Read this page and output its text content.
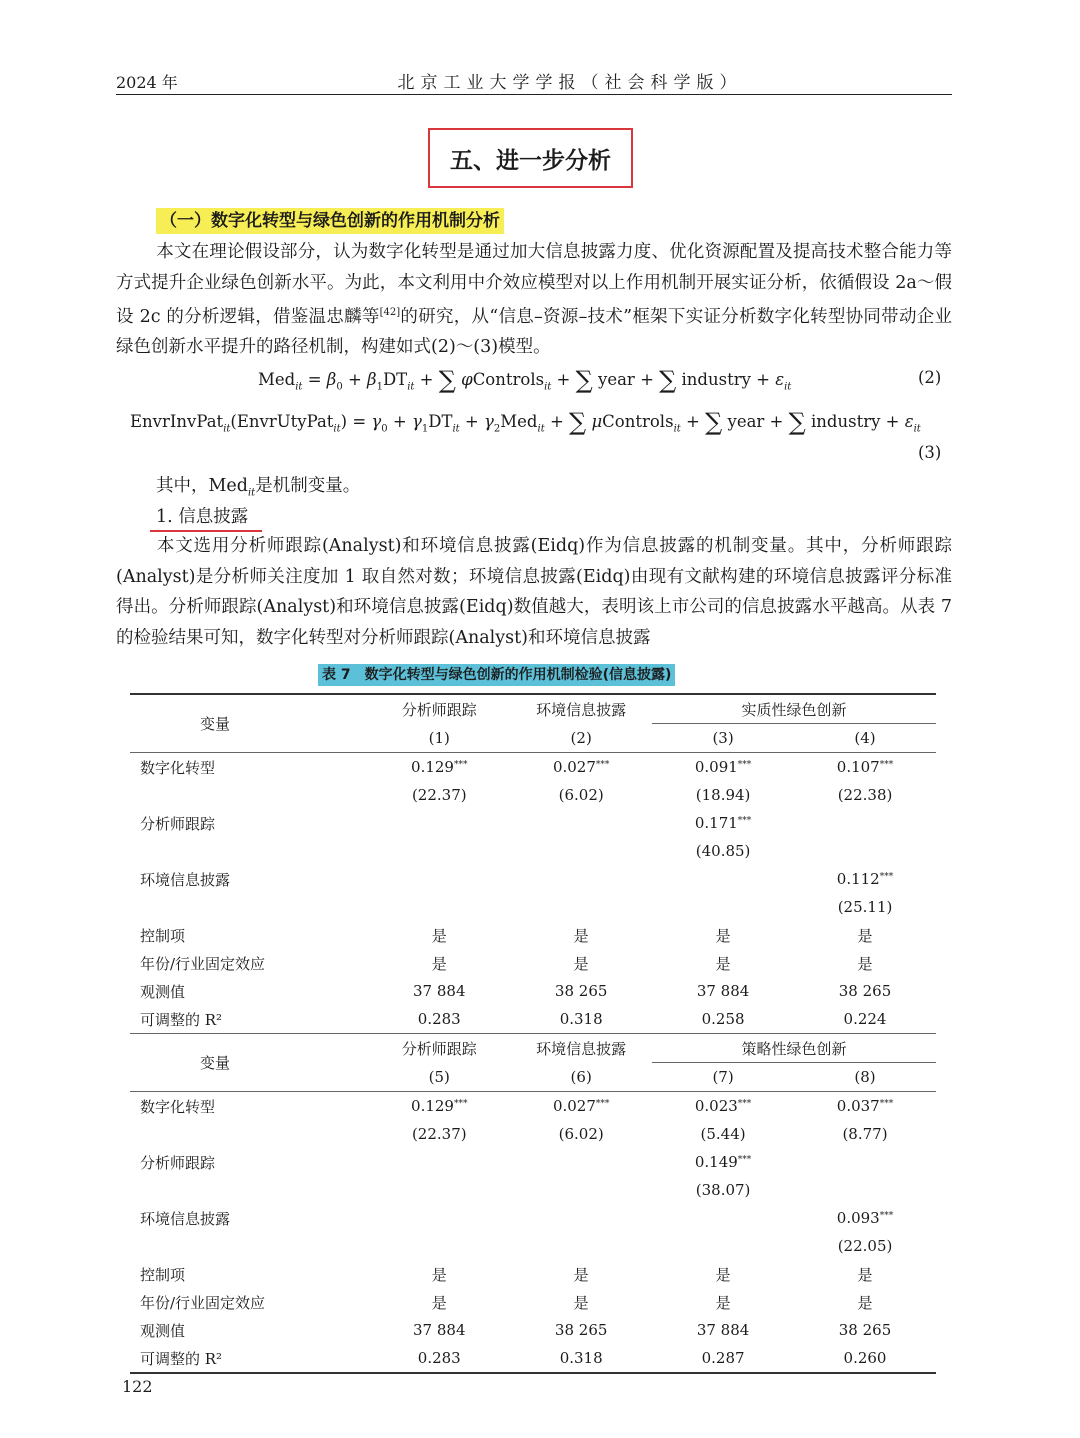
2024 年	北京工业大学学报（社会科学版）
五、进一步分析
（一）数字化转型与绿色创新的作用机制分析
本文在理论假设部分，认为数字化转型是通过加大信息披露力度、优化资源配置及提高技术整合能力等方式提升企业绿色创新水平。为此，本文利用中介效应模型对以上作用机制开展实证分析，依循假设 2a～假设 2c 的分析逻辑，借鉴温忠麟等[42]的研究，从“信息–资源–技术”框架下实证分析数字化转型协同带动企业绿色创新水平提升的路径机制，构建如式(2)～(3)模型。
$Med_{it} = \beta_0 + \beta_1DT_{it}$ + ∑ φControls$_{it}$ + ∑ year + ∑ industry + $\varepsilon_{it}$	(2)
EnvrInvPat$_{it}$(EnvrUtyPat$_{it}$) = $\gamma_0 + \gamma_1DT_{it} + \gamma_2Med_{it}$ + ∑ μControls$_{it}$ + ∑ year + ∑ industry + $\varepsilon_{it}$
(3)
其中，Med$_{it}$是机制变量。
1. 信息披露
本文选用分析师跟踪(Analyst)和环境信息披露(Eidq)作为信息披露的机制变量。其中，分析师跟踪(Analyst)是分析师关注度加 1 取自然对数；环境信息披露(Eidq)由现有文献构建的环境信息披露评分标准得出。分析师跟踪(Analyst)和环境信息披露(Eidq)数值越大，表明该上市公司的信息披露水平越高。从表 7 的检验结果可知，数字化转型对分析师跟踪(Analyst)和环境信息披露
表 7　数字化转型与绿色创新的作用机制检验(信息披露)
变量	分析师跟踪	环境信息披露	实质性绿色创新	
	(1)	(2)	(3)	(4)
数字化转型	0.129***	0.027***	0.091***	0.107***
	(22.37)	(6.02)	(18.94)	(22.38)
分析师跟踪			0.171***	
			(40.85)	
环境信息披露				0.112***
				(25.11)
控制项	是	是	是	是
年份/行业固定效应	是	是	是	是
观测值	37 884	38 265	37 884	38 265
可调整的 R²	0.283	0.318	0.258	0.224
变量	分析师跟踪	环境信息披露	策略性绿色创新	
	(5)	(6)	(7)	(8)
数字化转型	0.129***	0.027***	0.023***	0.037***
	(22.37)	(6.02)	(5.44)	(8.77)
分析师跟踪			0.149***	
			(38.07)	
环境信息披露				0.093***
				(22.05)
控制项	是	是	是	是
年份/行业固定效应	是	是	是	是
观测值	37 884	38 265	37 884	38 265
可调整的 R²	0.283	0.318	0.287	0.260
122
